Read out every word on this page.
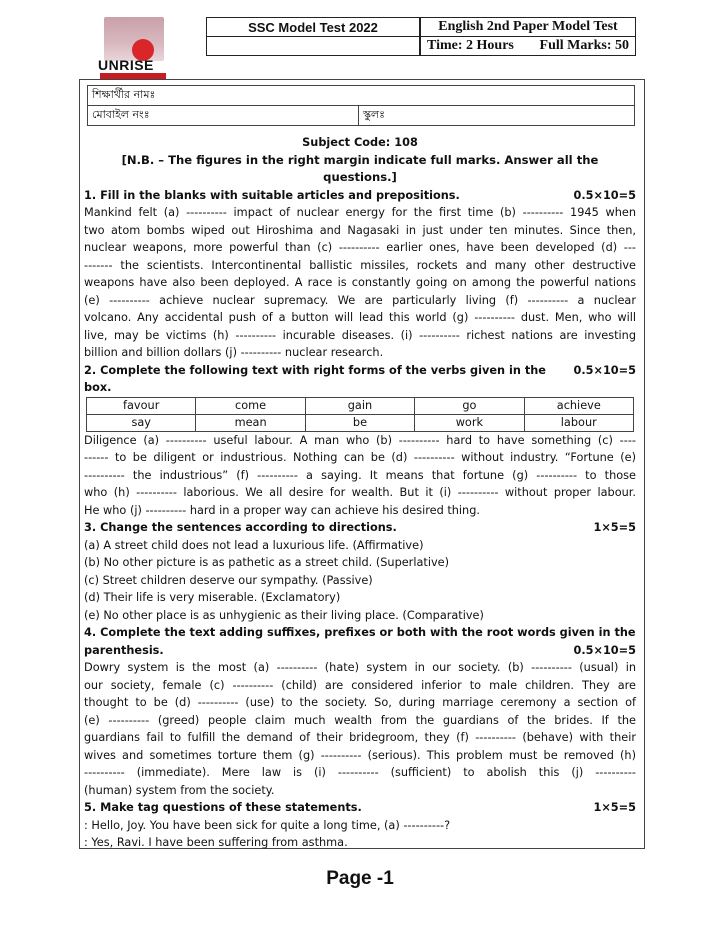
UNRISE
SSC Model Test 2022	English 2nd Paper Model Test

Time: 2 Hours Full Marks: 50
শিক্ষার্থীর নামঃ
মোবাইল নংঃ	স্কুলঃ
Subject Code: 108
[N.B. – The figures in the right margin indicate full marks. Answer all the questions.]
1. Fill in the blanks with suitable articles and prepositions.	0.5×10=5
Mankind felt (a) ---------- impact of nuclear energy for the first time (b) ---------- 1945 when
two atom bombs wiped out Hiroshima and Nagasaki in just under ten minutes. Since then,
nuclear weapons, more powerful than (c) ---------- earlier ones, have been developed (d) ---
------- the scientists. Intercontinental ballistic missiles, rockets and many other destructive
weapons have also been deployed. A race is constantly going on among the powerful nations
(e) ---------- achieve nuclear supremacy. We are particularly living (f) ---------- a nuclear
volcano. Any accidental push of a button will lead this world (g) ---------- dust. Men, who will
live, may be victims (h) ---------- incurable diseases. (i) ---------- richest nations are investing
billion and billion dollars (j) ---------- nuclear research.
2. Complete the following text with right forms of the verbs given in the box.
0.5×10=5
favour	come	gain	go	achieve
say	mean	be	work	labour
Diligence (a) ---------- useful labour. A man who (b) ---------- hard to have something (c) ----
------ to be diligent or industrious. Nothing can be (d) ---------- without industry. “Fortune (e)
---------- the industrious” (f) ---------- a saying. It means that fortune (g) ---------- to those
who (h) ---------- laborious. We all desire for wealth. But it (i) ---------- without proper labour.
He who (j) ---------- hard in a proper way can achieve his desired thing.
3. Change the sentences according to directions.	1×5=5
(a) A street child does not lead a luxurious life. (Affirmative)
(b) No other picture is as pathetic as a street child. (Superlative)
(c) Street children deserve our sympathy. (Passive)
(d) Their life is very miserable. (Exclamatory)
(e) No other place is as unhygienic as their living place. (Comparative)
4. Complete the text adding suffixes, prefixes or both with the root words given in the
parenthesis.	0.5×10=5
Dowry system is the most (a) ---------- (hate) system in our society. (b) ---------- (usual) in
our society, female (c) ---------- (child) are considered inferior to male children. They are
thought to be (d) ---------- (use) to the society. So, during marriage ceremony a section of
(e) ---------- (greed) people claim much wealth from the guardians of the brides. If the
guardians fail to fulfill the demand of their bridegroom, they (f) ---------- (behave) with their
wives and sometimes torture them (g) ---------- (serious). This problem must be removed (h)
---------- (immediate). Mere law is (i) ---------- (sufficient) to abolish this (j) ----------
(human) system from the society.
5. Make tag questions of these statements.	1×5=5
: Hello, Joy. You have been sick for quite a long time, (a) ----------?
: Yes, Ravi. I have been suffering from asthma.
Page -1
